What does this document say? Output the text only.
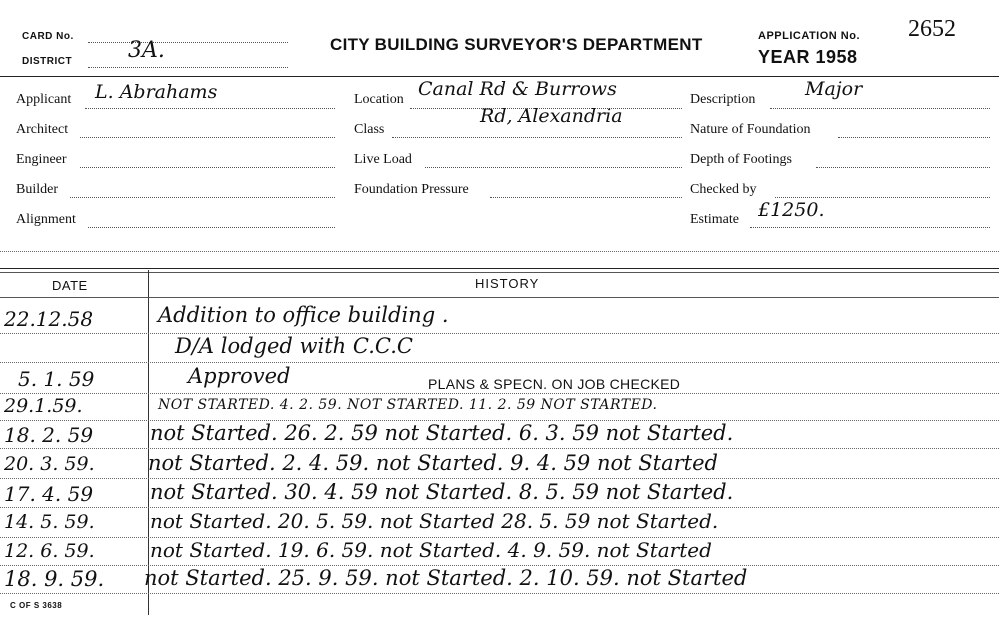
CARD No.
DISTRICT	3A.	CITY BUILDING SURVEYOR'S DEPARTMENT	APPLICATION No. 2652
YEAR 1958
Applicant L. Abrahams
Architect
Engineer
Builder
Alignment
Location Canal Rd & Burrows
Class
Rd, Alexandria
Live Load
Foundation Pressure
Description	Major
Nature of Foundation
Depth of Footings
Checked by
Estimate £1250.
DATE	HISTORY
22.12.58	Addition to office building .
D/A lodged with C.C.C
5. 1. 59	Approved	PLANS & SPECN. ON JOB CHECKED
29.1.59.	NOT STARTED. 4. 2. 59. NOT STARTED. 11. 2. 59 NOT STARTED.
18. 2. 59	not Started. 26. 2. 59 not Started. 6. 3. 59 not Started.
20. 3. 59.	not Started. 2. 4. 59. not Started. 9. 4. 59 not Started
17. 4. 59	not Started. 30. 4. 59 not Started. 8. 5. 59 not Started.
14. 5. 59.	not Started. 20. 5. 59. not Started 28. 5. 59 not Started.
12. 6. 59.	not Started. 19. 6. 59. not Started. 4. 9. 59. not Started
18. 9. 59. not Started. 25. 9. 59. not Started. 2. 10. 59. not Started
C OF S 3638
